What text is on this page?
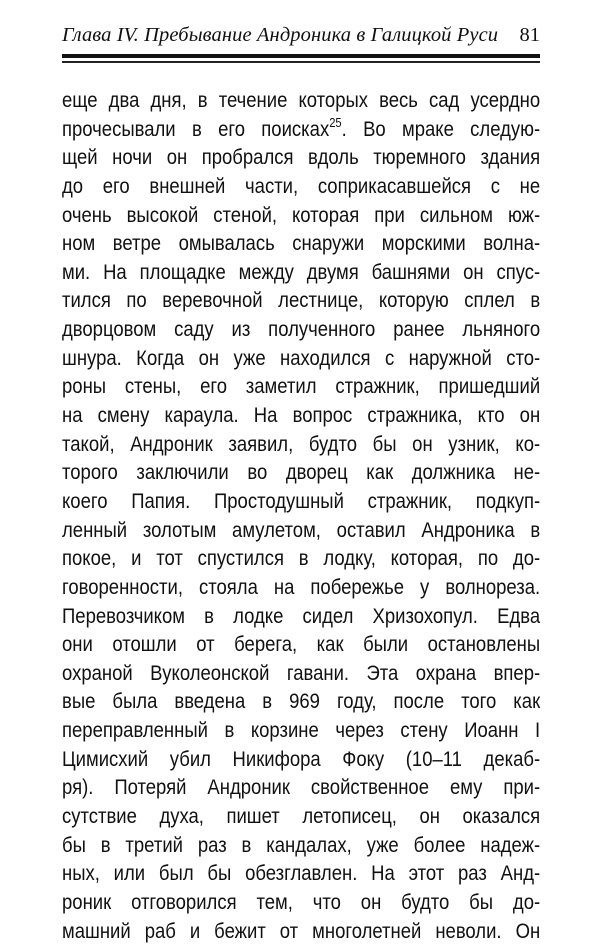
Глава IV. Пребывание Андроника в Галицкой Руси 81
еще два дня, в течение которых весь сад усердно
прочесывали в его поисках$^{25}$. Во мраке следую-
щей ночи он пробрался вдоль тюремного здания
до его внешней части, соприкасавшейся с не
очень высокой стеной, которая при сильном юж-
ном ветре омывалась снаружи морскими волна-
ми. На площадке между двумя башнями он спус-
тился по веревочной лестнице, которую сплел в
дворцовом саду из полученного ранее льняного
шнура. Когда он уже находился с наружной сто-
роны стены, его заметил стражник, пришедший
на смену караула. На вопрос стражника, кто он
такой, Андроник заявил, будто бы он узник, ко-
торого заключили во дворец как должника не-
коего Папия. Простодушный стражник, подкуп-
ленный золотым амулетом, оставил Андроника в
покое, и тот спустился в лодку, которая, по до-
говоренности, стояла на побережье у волнореза.
Перевозчиком в лодке сидел Хризохопул. Едва
они отошли от берега, как были остановлены
охраной Вуколеонской гавани. Эта охрана впер-
вые была введена в 969 году, после того как
переправленный в корзине через стену Иоанн I
Цимисхий убил Никифора Фоку (10–11 декаб-
ря). Потеряй Андроник свойственное ему при-
сутствие духа, пишет летописец, он оказался
бы в третий раз в кандалах, уже более надеж-
ных, или был бы обезглавлен. На этот раз Анд-
роник отговорился тем, что он будто бы до-
машний раб и бежит от многолетней неволи. Он
